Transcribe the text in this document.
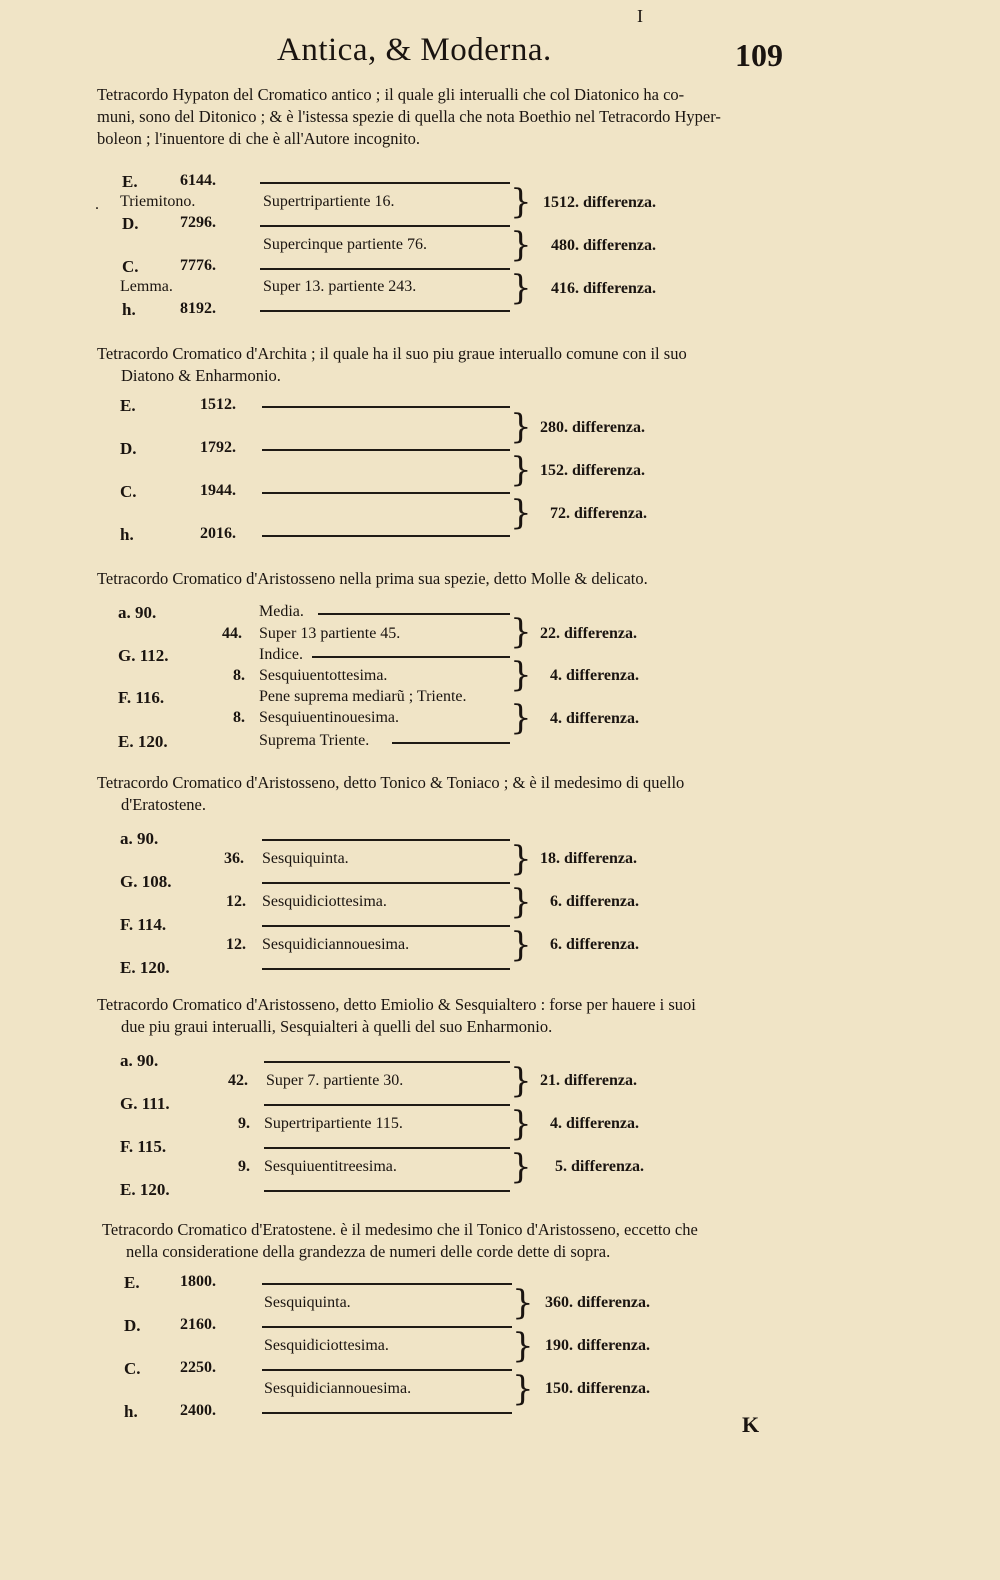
I
Antica, & Moderna.	109
Tetracordo Hypaton del Cromatico antico ; il quale gli interualli che col Diatonico ha co-
muni, sono del Ditonico ; & è l'istessa spezie di quella che nota Boethio nel Tetracordo Hyper-
boleon ; l'inuentore di che è all'Autore incognito.
.
E.
Triemitono.
D.
C.
Lemma.
h.
6144.
7296.
7776.
8192.
Supertripartiente 16.
Supercinque partiente 76.
Super 13. partiente 243.
}
}
}
1512. differenza.
480. differenza.
416. differenza.
Tetracordo Cromatico d'Archita ; il quale ha il suo piu graue interuallo comune con il suo
Diatono & Enharmonio.
E.
D.
C.
h.
1512.
1792.
1944.
2016.
}
}
}
280. differenza.
152. differenza.
72. differenza.
Tetracordo Cromatico d'Aristosseno nella prima sua spezie, detto Molle & delicato.
a. 90.
G. 112.
F. 116.
E. 120.
44.
8.
8.
Media.
Super 13 partiente 45.
Indice.
Sesquiuentottesima.
Pene suprema mediarũ ; Triente.
Sesquiuentinouesima.
Suprema Triente.
}
}
}
22. differenza.
4. differenza.
4. differenza.
Tetracordo Cromatico d'Aristosseno, detto Tonico & Toniaco ; & è il medesimo di quello
d'Eratostene.
a. 90.
G. 108.
F. 114.
E. 120.
36.
12.
12.
Sesquiquinta.
Sesquidiciottesima.
Sesquidiciannouesima.
}
}
}
18. differenza.
6. differenza.
6. differenza.
Tetracordo Cromatico d'Aristosseno, detto Emiolio & Sesquialtero : forse per hauere i suoi
due piu graui interualli, Sesquialteri à quelli del suo Enharmonio.
a. 90.
G. 111.
F. 115.
E. 120.
42.
9.
9.
Super 7. partiente 30.
Supertripartiente 115.
Sesquiuentitreesima.
}
}
}
21. differenza.
4. differenza.
5. differenza.
Tetracordo Cromatico d'Eratostene. è il medesimo che il Tonico d'Aristosseno, eccetto che
nella consideratione della grandezza de numeri delle corde dette di sopra.
E.
D.
C.
h.
1800.
2160.
2250.
2400.
Sesquiquinta.
Sesquidiciottesima.
Sesquidiciannouesima.
}
}
}
360. differenza.
190. differenza.
150. differenza.
K
